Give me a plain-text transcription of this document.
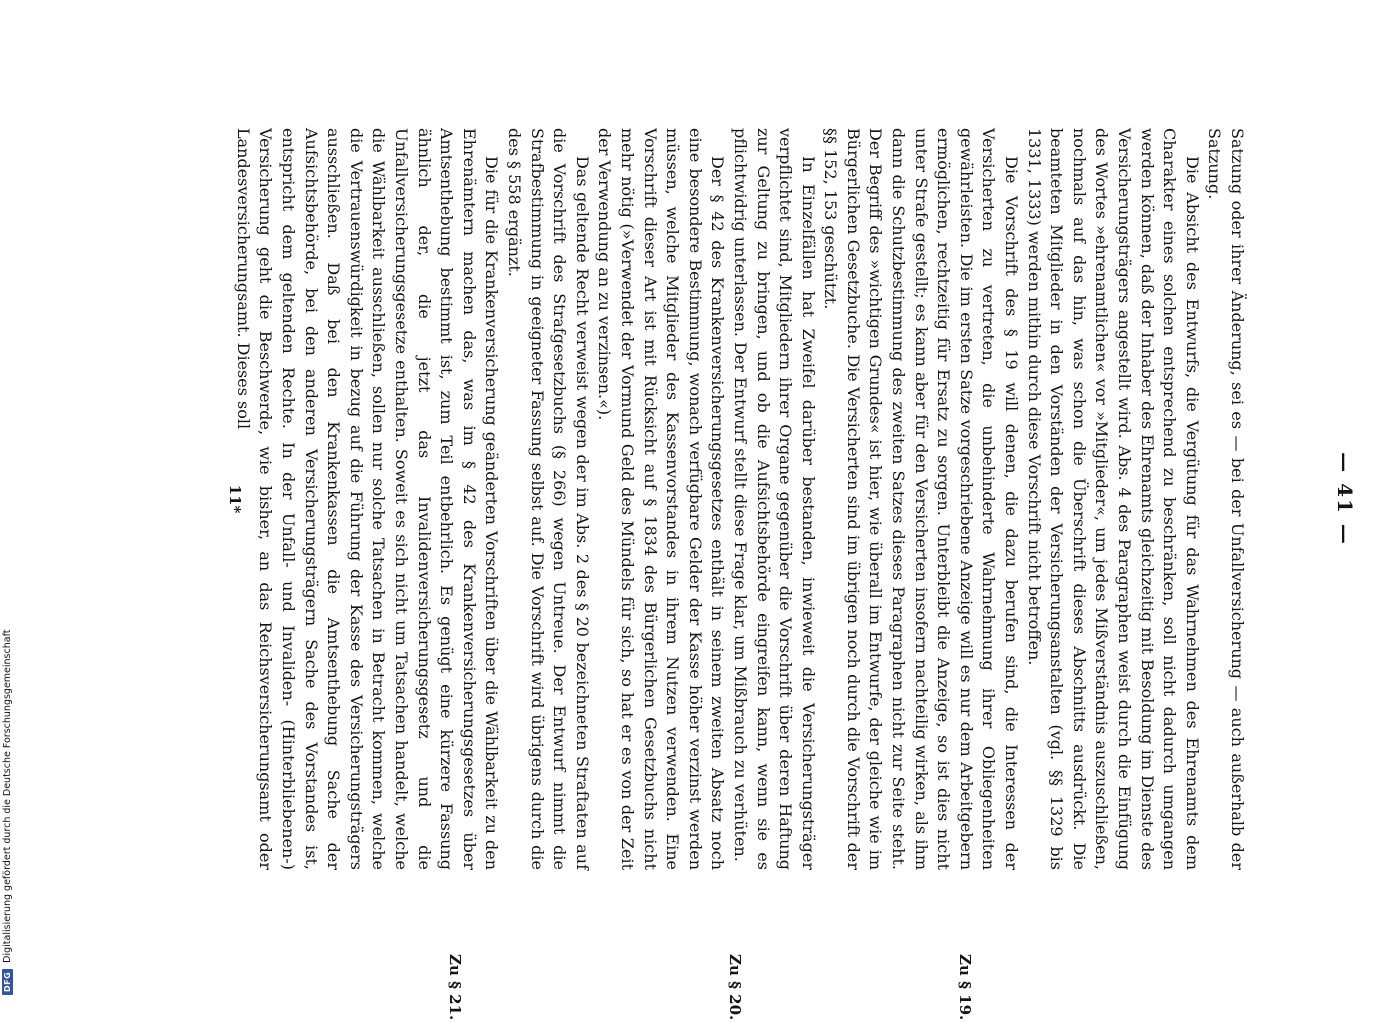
DFG
Digitalisierung gefördert durch die Deutsche Forschungsgemeinschaft
— 41 —

Satzung oder ihrer Änderung, sei es — bei der Unfallversicherung — auch außerhalb der Satzung.

Die Absicht des Entwurfs, die Vergütung für das Wahrnehmen des Ehrenamts dem Charakter eines solchen entsprechend zu beschränken, soll nicht dadurch umgangen werden können, daß der Inhaber des Ehrenamts gleichzeitig mit Besoldung im Dienste des Versicherungsträgers angestellt wird. Abs. 4 des Paragraphen weist durch die Einfügung des Wortes »ehrenamtlichen« vor »Mitglieder«, um jedes Mißverständnis auszuschließen, nochmals auf das hin, was schon die Überschrift dieses Abschnitts ausdrückt. Die beamteten Mitglieder in den Vorständen der Versicherungsanstalten (vgl. §§ 1329 bis 1331, 1333) werden mithin durch diese Vorschrift nicht betroffen.

Die Vorschrift des § 19 will denen, die dazu berufen sind, die Interessen der Versicherten zu vertreten, die unbehinderte Wahrnehmung ihrer Obliegenheiten gewährleisten. Die im ersten Satze vorgeschriebene Anzeige will es nur dem Arbeitgebern ermöglichen, rechtzeitig für Ersatz zu sorgen. Unterbleibt die Anzeige, so ist dies nicht unter Strafe gestellt; es kann aber für den Versicherten insofern nachteilig wirken, als ihm dann die Schutzbestimmung des zweiten Satzes dieses Paragraphen nicht zur Seite steht. Der Begriff des »wichtigen Grundes« ist hier, wie überall im Entwurfe, der gleiche wie im Bürgerlichen Gesetzbuche. Die Versicherten sind im übrigen noch durch die Vorschrift der §§ 152, 153 geschützt.

In Einzelfällen hat Zweifel darüber bestanden, inwieweit die Versicherungsträger verpflichtet sind, Mitgliedern ihrer Organe gegenüber die Vorschrift über deren Haftung zur Geltung zu bringen, und ob die Aufsichtsbehörde eingreifen kann, wenn sie es pflichtwidrig unterlassen. Der Entwurf stellt diese Frage klar, um Mißbrauch zu verhüten.

Der § 42 des Krankenversicherungsgesetzes enthält in seinem zweiten Absatz noch eine besondere Bestimmung, wonach verfügbare Gelder der Kasse höher verzinst werden müssen, welche Mitglieder des Kassenvorstandes in ihrem Nutzen verwenden. Eine Vorschrift dieser Art ist mit Rücksicht auf § 1834 des Bürgerlichen Gesetzbuchs nicht mehr nötig (»Verwendet der Vormund Geld des Mündels für sich, so hat er es von der Zeit der Verwendung an zu verzinsen.«).

Das geltende Recht verweist wegen der im Abs. 2 des § 20 bezeichneten Straftaten auf die Vorschrift des Strafgesetzbuchs (§ 266) wegen Untreue. Der Entwurf nimmt die Strafbestimmung in geeigneter Fassung selbst auf. Die Vorschrift wird übrigens durch die des § 558 ergänzt.

Die für die Krankenversicherung geänderten Vorschriften über die Wählbarkeit zu den Ehrenämtern machen das, was im § 42 des Krankenversicherungsgesetzes über Amtsenthebung bestimmt ist, zum Teil entbehrlich. Es genügt eine kürzere Fassung ähnlich der, die jetzt das Invalidenversicherungsgesetz und die Unfallversicherungsgesetze enthalten. Soweit es sich nicht um Tatsachen handelt, welche die Wählbarkeit ausschließen, sollen nur solche Tatsachen in Betracht kommen, welche die Vertrauenswürdigkeit in bezug auf die Führung der Kasse des Versicherungsträgers ausschließen. Daß bei den Krankenkassen die Amtsenthebung Sache der Aufsichtsbehörde, bei den anderen Versicherungsträgern Sache des Vorstandes ist, entspricht dem geltenden Rechte. In der Unfall- und Invaliden- (Hinterbliebenen-) Versicherung geht die Beschwerde, wie bisher, an das Reichsversicherungsamt oder Landesversicherungsamt. Dieses soll

Zu § 19.
Zu § 20.
Zu § 21.
11*
